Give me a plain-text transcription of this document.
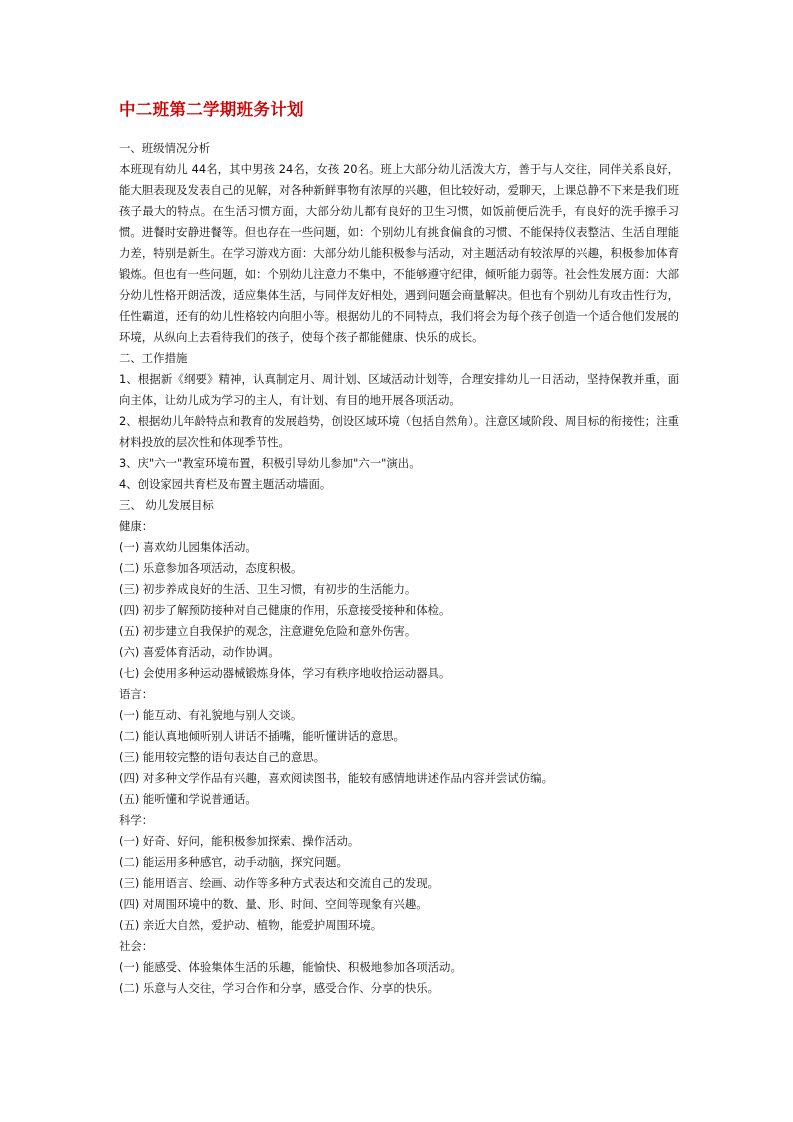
中二班第二学期班务计划
一、班级情况分析

本班现有幼儿 44名，其中男孩 24名，女孩 20名。班上大部分幼儿活泼大方，善于与人交往，同伴关系良好，能大胆表现及发表自己的见解，对各种新鲜事物有浓厚的兴趣，但比较好动，爱聊天，上课总静不下来是我们班孩子最大的特点。在生活习惯方面，大部分幼儿都有良好的卫生习惯，如饭前便后洗手，有良好的洗手擦手习惯。进餐时安静进餐等。但也存在一些问题，如：个别幼儿有挑食偏食的习惯、不能保持仪表整洁、生活自理能力差，特别是新生。在学习游戏方面：大部分幼儿能积极参与活动，对主题活动有较浓厚的兴趣，积极参加体育锻炼。但也有一些问题，如：个别幼儿注意力不集中，不能够遵守纪律，倾听能力弱等。社会性发展方面：大部分幼儿性格开朗活泼，适应集体生活，与同伴友好相处，遇到问题会商量解决。但也有个别幼儿有攻击性行为，任性霸道，还有的幼儿性格较内向胆小等。根据幼儿的不同特点，我们将会为每个孩子创造一个适合他们发展的环境，从纵向上去看待我们的孩子，使每个孩子都能健康、快乐的成长。

二、工作措施

1、根据新《纲要》精神，认真制定月、周计划、区域活动计划等，合理安排幼儿一日活动，坚持保教并重，面向主体，让幼儿成为学习的主人，有计划、有目的地开展各项活动。

2、根据幼儿年龄特点和教育的发展趋势，创设区域环境（包括自然角）。注意区域阶段、周目标的衔接性；注重材料投放的层次性和体现季节性。

3、庆"六一"教室环境布置，积极引导幼儿参加"六一"演出。
4、创设家园共育栏及布置主题活动墙面。
三、 幼儿发展目标
健康：
(一) 喜欢幼儿园集体活动。
(二) 乐意参加各项活动，态度积极。
(三) 初步养成良好的生活、卫生习惯，有初步的生活能力。
(四) 初步了解预防接种对自己健康的作用，乐意接受接种和体检。
(五) 初步建立自我保护的观念，注意避免危险和意外伤害。
(六) 喜爱体育活动，动作协调。
(七) 会使用多种运动器械锻炼身体，学习有秩序地收拾运动器具。
语言：
(一) 能互动、有礼貌地与别人交谈。
(二) 能认真地倾听别人讲话不插嘴，能听懂讲话的意思。
(三) 能用较完整的语句表达自己的意思。
(四) 对多种文学作品有兴趣，喜欢阅读图书，能较有感情地讲述作品内容并尝试仿编。
(五) 能听懂和学说普通话。
科学：
(一) 好奇、好问，能积极参加探索、操作活动。
(二) 能运用多种感官，动手动脑，探究问题。
(三) 能用语言、绘画、动作等多种方式表达和交流自己的发现。
(四) 对周围环境中的数、量、形、时间、空间等现象有兴趣。
(五) 亲近大自然，爱护动、植物，能爱护周围环境。
社会：
(一) 能感受、体验集体生活的乐趣，能愉快、积极地参加各项活动。
(二) 乐意与人交往，学习合作和分享，感受合作、分享的快乐。
